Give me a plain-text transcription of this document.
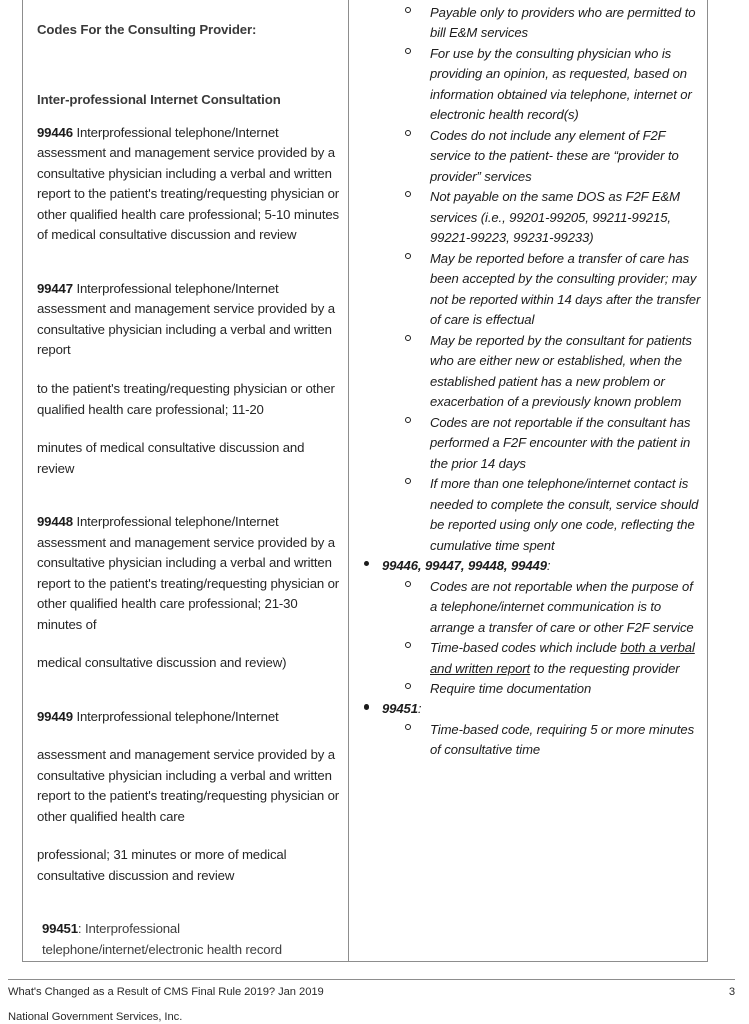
Codes For the Consulting Provider:
Inter-professional Internet Consultation

99446 Interprofessional telephone/Internet assessment and management service provided by a consultative physician including a verbal and written report to the patient's treating/requesting physician or other qualified health care professional; 5-10 minutes of medical consultative discussion and review

99447 Interprofessional telephone/Internet assessment and management service provided by a consultative physician including a verbal and written report

to the patient's treating/requesting physician or other qualified health care professional; 11-20

minutes of medical consultative discussion and review

99448 Interprofessional telephone/Internet assessment and management service provided by a consultative physician including a verbal and written report to the patient's treating/requesting physician or other qualified health care professional; 21-30 minutes of

medical consultative discussion and review)

99449 Interprofessional telephone/Internet

assessment and management service provided by a consultative physician including a verbal and written report to the patient's treating/requesting physician or other qualified health care

professional; 31 minutes or more of medical consultative discussion and review

99451: Interprofessional telephone/internet/electronic health record

Payable only to providers who are permitted to bill E&M services
For use by the consulting physician who is providing an opinion, as requested, based on information obtained via telephone, internet or electronic health record(s)
Codes do not include any element of F2F service to the patient- these are “provider to provider” services
Not payable on the same DOS as F2F E&M services (i.e., 99201-99205, 99211-99215, 99221-99223, 99231-99233)
May be reported before a transfer of care has been accepted by the consulting provider; may not be reported within 14 days after the transfer of care is effectual
May be reported by the consultant for patients who are either new or established, when the established patient has a new problem or exacerbation of a previously known problem
Codes are not reportable if the consultant has performed a F2F encounter with the patient in the prior 14 days
If more than one telephone/internet contact is needed to complete the consult, service should be reported using only one code, reflecting the cumulative time spent
99446, 99447, 99448, 99449:
Codes are not reportable when the purpose of a telephone/internet communication is to arrange a transfer of care or other F2F service
Time-based codes which include both a verbal and written report to the requesting provider
Require time documentation
99451:
Time-based code, requiring 5 or more minutes of consultative time
What's Changed as a Result of CMS Final Rule 2019? Jan 2019	3
National Government Services, Inc.
